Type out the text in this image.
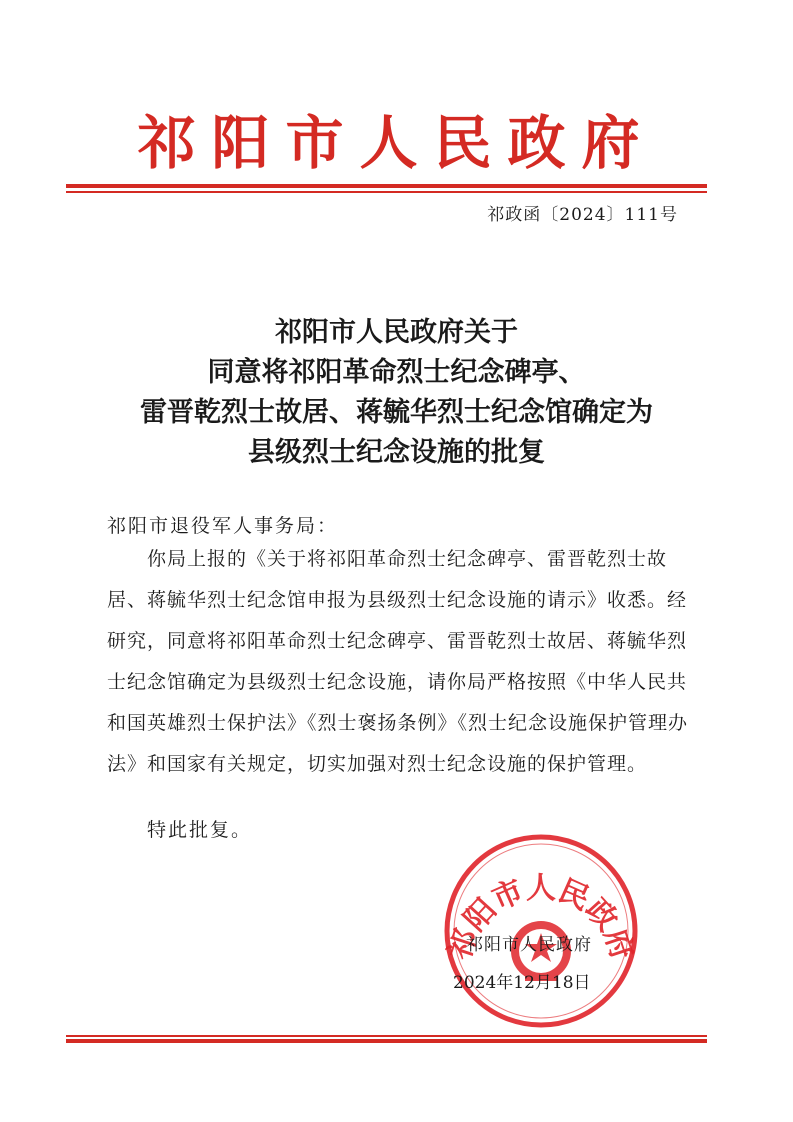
祁阳市人民政府
祁政函〔2024〕111号
祁阳市人民政府关于
同意将祁阳革命烈士纪念碑亭、
雷晋乾烈士故居、蒋毓华烈士纪念馆确定为
县级烈士纪念设施的批复
祁阳市退役军人事务局：

你局上报的《关于将祁阳革命烈士纪念碑亭、雷晋乾烈士故居、蒋毓华烈士纪念馆申报为县级烈士纪念设施的请示》收悉。经研究，同意将祁阳革命烈士纪念碑亭、雷晋乾烈士故居、蒋毓华烈士纪念馆确定为县级烈士纪念设施，请你局严格按照《中华人民共和国英雄烈士保护法》《烈士褒扬条例》《烈士纪念设施保护管理办法》和国家有关规定，切实加强对烈士纪念设施的保护管理。

特此批复。
祁阳市人民政府
祁阳市人民政府
2024年12月18日
